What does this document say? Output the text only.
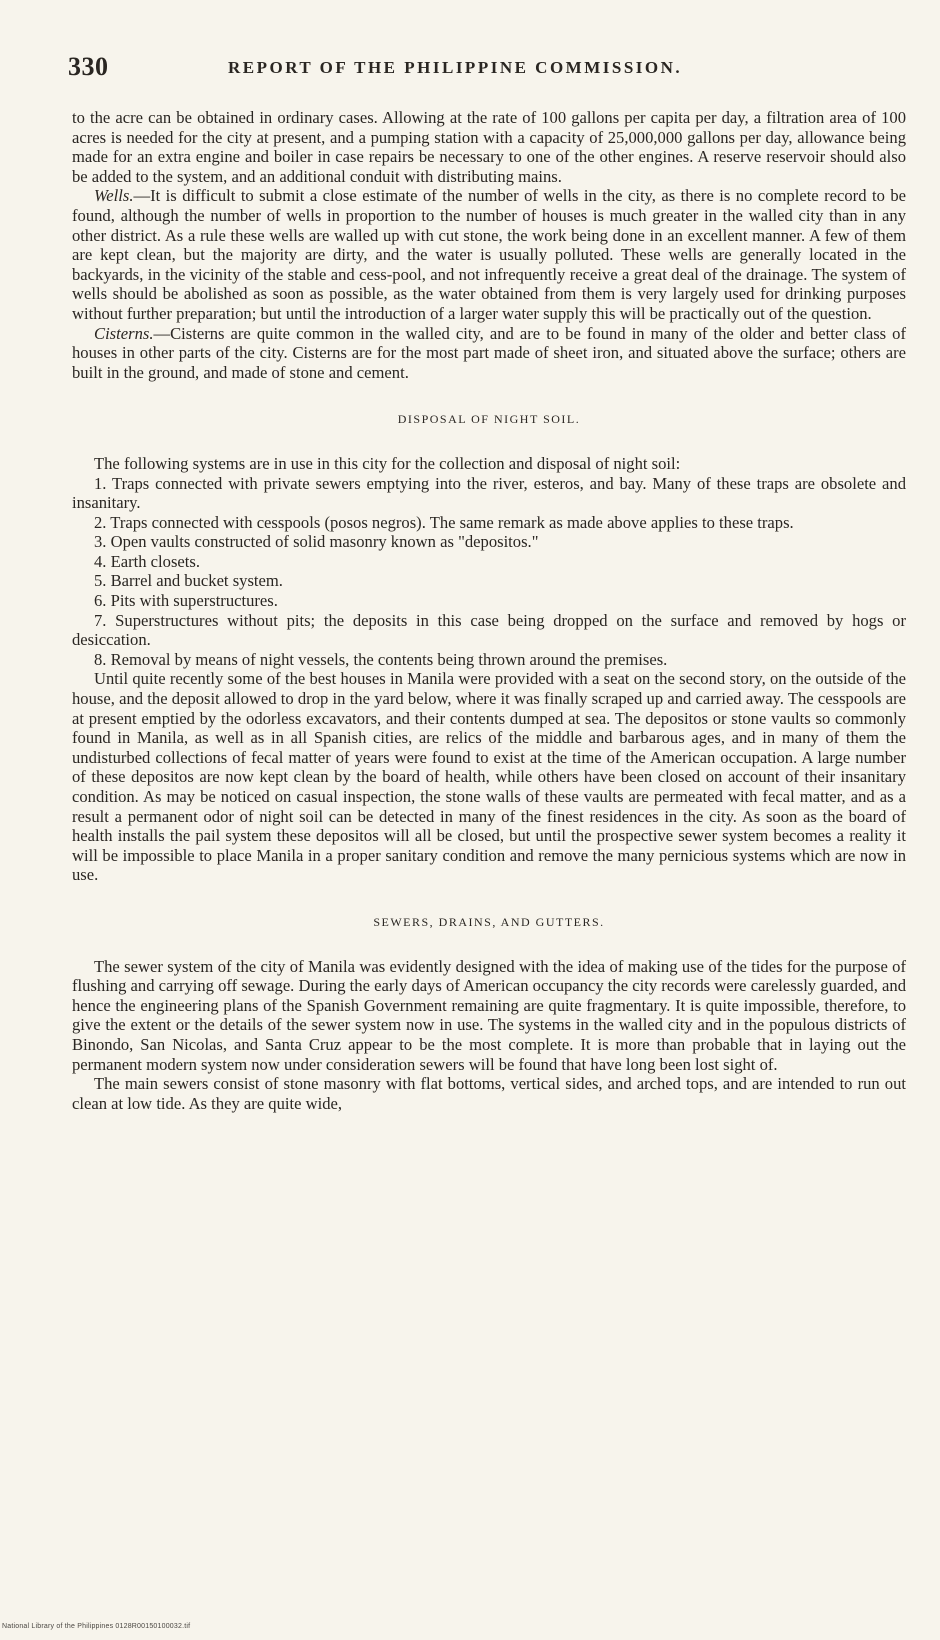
330	REPORT OF THE PHILIPPINE COMMISSION.

to the acre can be obtained in ordinary cases. Allowing at the rate of 100 gallons per capita per day, a filtration area of 100 acres is needed for the city at present, and a pumping station with a capacity of 25,000,000 gallons per day, allowance being made for an extra engine and boiler in case repairs be necessary to one of the other engines. A reserve reservoir should also be added to the system, and an additional conduit with distributing mains.

Wells.—It is difficult to submit a close estimate of the number of wells in the city, as there is no complete record to be found, although the number of wells in proportion to the number of houses is much greater in the walled city than in any other district. As a rule these wells are walled up with cut stone, the work being done in an excellent manner. A few of them are kept clean, but the majority are dirty, and the water is usually polluted. These wells are generally located in the backyards, in the vicinity of the stable and cess-pool, and not infrequently receive a great deal of the drainage. The system of wells should be abolished as soon as possible, as the water obtained from them is very largely used for drinking purposes without further preparation; but until the introduction of a larger water supply this will be practically out of the question.

Cisterns.—Cisterns are quite common in the walled city, and are to be found in many of the older and better class of houses in other parts of the city. Cisterns are for the most part made of sheet iron, and situated above the surface; others are built in the ground, and made of stone and cement.

DISPOSAL OF NIGHT SOIL.

The following systems are in use in this city for the collection and disposal of night soil:

1. Traps connected with private sewers emptying into the river, esteros, and bay. Many of these traps are obsolete and insanitary.

2. Traps connected with cesspools (posos negros). The same remark as made above applies to these traps.

3. Open vaults constructed of solid masonry known as "depositos."

4. Earth closets.

5. Barrel and bucket system.

6. Pits with superstructures.

7. Superstructures without pits; the deposits in this case being dropped on the surface and removed by hogs or desiccation.

8. Removal by means of night vessels, the contents being thrown around the premises.

Until quite recently some of the best houses in Manila were provided with a seat on the second story, on the outside of the house, and the deposit allowed to drop in the yard below, where it was finally scraped up and carried away. The cesspools are at present emptied by the odorless excavators, and their contents dumped at sea. The depositos or stone vaults so commonly found in Manila, as well as in all Spanish cities, are relics of the middle and barbarous ages, and in many of them the undisturbed collections of fecal matter of years were found to exist at the time of the American occupation. A large number of these depositos are now kept clean by the board of health, while others have been closed on account of their insanitary condition. As may be noticed on casual inspection, the stone walls of these vaults are permeated with fecal matter, and as a result a permanent odor of night soil can be detected in many of the finest residences in the city. As soon as the board of health installs the pail system these depositos will all be closed, but until the prospective sewer system becomes a reality it will be impossible to place Manila in a proper sanitary condition and remove the many pernicious systems which are now in use.

SEWERS, DRAINS, AND GUTTERS.

The sewer system of the city of Manila was evidently designed with the idea of making use of the tides for the purpose of flushing and carrying off sewage. During the early days of American occupancy the city records were carelessly guarded, and hence the engineering plans of the Spanish Government remaining are quite fragmentary. It is quite impossible, therefore, to give the extent or the details of the sewer system now in use. The systems in the walled city and in the populous districts of Binondo, San Nicolas, and Santa Cruz appear to be the most complete. It is more than probable that in laying out the permanent modern system now under consideration sewers will be found that have long been lost sight of.

The main sewers consist of stone masonry with flat bottoms, vertical sides, and arched tops, and are intended to run out clean at low tide. As they are quite wide,

National Library of the Philippines 0128R00150100032.tif
